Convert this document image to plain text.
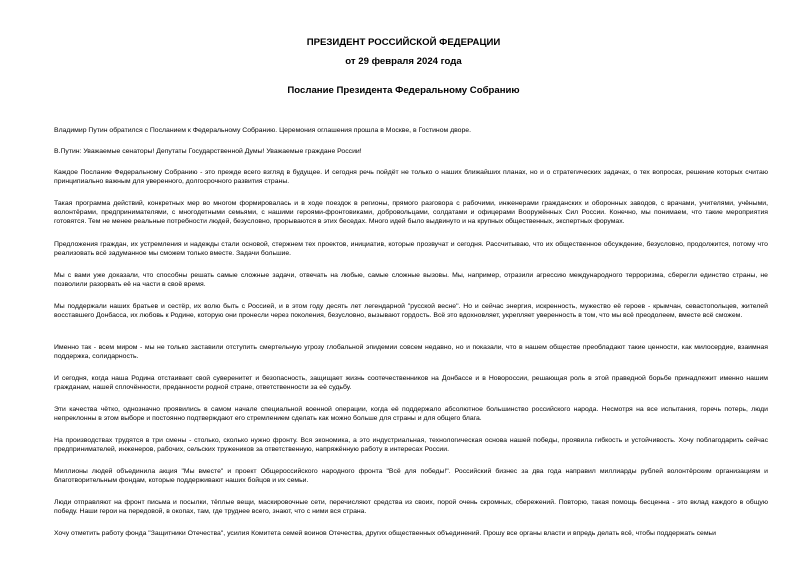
ПРЕЗИДЕНТ РОССИЙСКОЙ ФЕДЕРАЦИИ
от 29 февраля 2024 года
Послание Президента Федеральному Собранию
Владимир Путин обратился с Посланием к Федеральному Собранию. Церемония оглашения прошла в Москве, в Гостином дворе.
В.Путин: Уважаемые сенаторы! Депутаты Государственной Думы! Уважаемые граждане России!
Каждое Послание Федеральному Собранию - это прежде всего взгляд в будущее. И сегодня речь пойдёт не только о наших ближайших планах, но и о стратегических задачах, о тех вопросах, решение которых считаю принципиально важным для уверенного, долгосрочного развития страны.
Такая программа действий, конкретных мер во многом формировалась и в ходе поездок в регионы, прямого разговора с рабочими, инженерами гражданских и оборонных заводов, с врачами, учителями, учёными, волонтёрами, предпринимателями, с многодетными семьями, с нашими героями-фронтовиками, добровольцами, солдатами и офицерами Вооружённых Сил России. Конечно, мы понимаем, что такие мероприятия готовятся. Тем не менее реальные потребности людей, безусловно, прорываются в этих беседах. Много идей было выдвинуто и на крупных общественных, экспертных форумах.
Предложения граждан, их устремления и надежды стали основой, стержнем тех проектов, инициатив, которые прозвучат и сегодня. Рассчитываю, что их общественное обсуждение, безусловно, продолжится, потому что реализовать всё задуманное мы сможем только вместе. Задачи большие.
Мы с вами уже доказали, что способны решать самые сложные задачи, отвечать на любые, самые сложные вызовы. Мы, например, отразили агрессию международного терроризма, сберегли единство страны, не позволили разорвать её на части в своё время.
Мы поддержали наших братьев и сестёр, их волю быть с Россией, и в этом году десять лет легендарной "русской весне". Но и сейчас энергия, искренность, мужество её героев - крымчан, севастопольцев, жителей восставшего Донбасса, их любовь к Родине, которую они пронесли через поколения, безусловно, вызывают гордость. Всё это вдохновляет, укрепляет уверенность в том, что мы всё преодолеем, вместе всё сможем.
Именно так - всем миром - мы не только заставили отступить смертельную угрозу глобальной эпидемии совсем недавно, но и показали, что в нашем обществе преобладают такие ценности, как милосердие, взаимная поддержка, солидарность.
И сегодня, когда наша Родина отстаивает свой суверенитет и безопасность, защищает жизнь соотечественников на Донбассе и в Новороссии, решающая роль в этой праведной борьбе принадлежит именно нашим гражданам, нашей сплочённости, преданности родной стране, ответственности за её судьбу.
Эти качества чётко, однозначно проявились в самом начале специальной военной операции, когда её поддержало абсолютное большинство российского народа. Несмотря на все испытания, горечь потерь, люди непреклонны в этом выборе и постоянно подтверждают его стремлением сделать как можно больше для страны и для общего блага.
На производствах трудятся в три смены - столько, сколько нужно фронту. Вся экономика, а это индустриальная, технологическая основа нашей победы, проявила гибкость и устойчивость. Хочу поблагодарить сейчас предпринимателей, инженеров, рабочих, сельских тружеников за ответственную, напряжённую работу в интересах России.
Миллионы людей объединила акция "Мы вместе" и проект Общероссийского народного фронта "Всё для победы!". Российский бизнес за два года направил миллиарды рублей волонтёрским организациям и благотворительным фондам, которые поддерживают наших бойцов и их семьи.
Люди отправляют на фронт письма и посылки, тёплые вещи, маскировочные сети, перечисляют средства из своих, порой очень скромных, сбережений. Повторю, такая помощь бесценна - это вклад каждого в общую победу. Наши герои на передовой, в окопах, там, где труднее всего, знают, что с ними вся страна.
Хочу отметить работу фонда "Защитники Отечества", усилия Комитета семей воинов Отечества, других общественных объединений. Прошу все органы власти и впредь делать всё, чтобы поддержать семьи
